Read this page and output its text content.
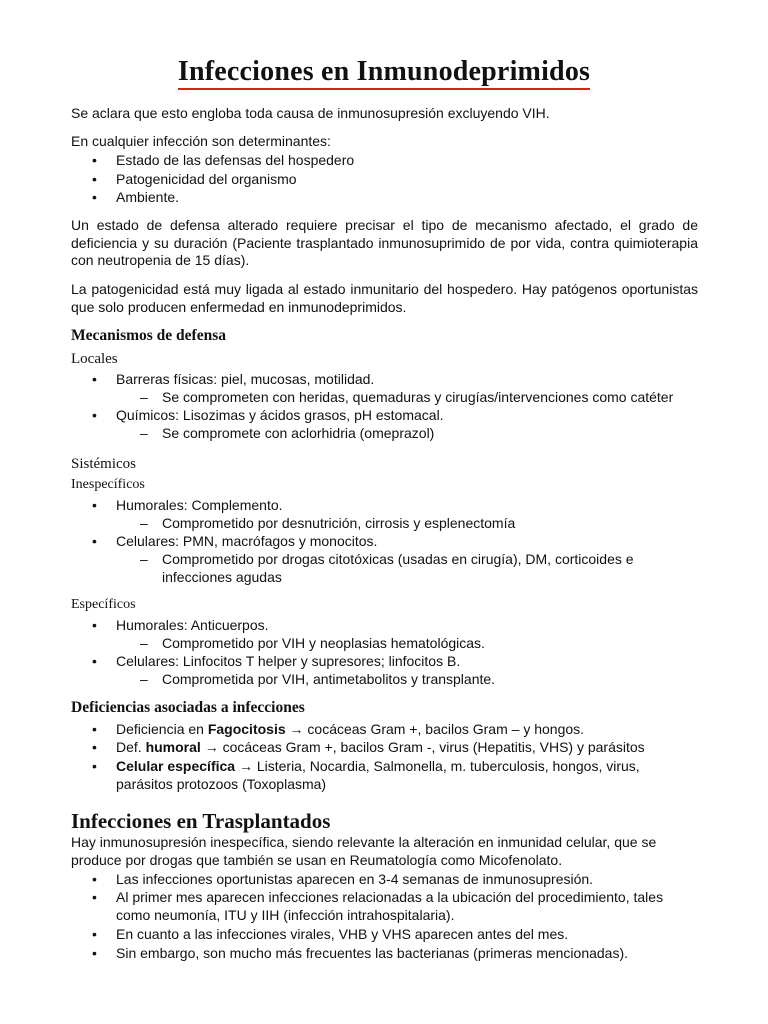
Infecciones en Inmunodeprimidos
Se aclara que esto engloba toda causa de inmunosupresión excluyendo VIH.
En cualquier infección son determinantes:
• Estado de las defensas del hospedero
• Patogenicidad del organismo
• Ambiente.
Un estado de defensa alterado requiere precisar el tipo de mecanismo afectado, el grado de deficiencia y su duración (Paciente trasplantado inmunosuprimido de por vida, contra quimioterapia con neutropenia de 15 días).
La patogenicidad está muy ligada al estado inmunitario del hospedero. Hay patógenos oportunistas que solo producen enfermedad en inmunodeprimidos.
Mecanismos de defensa
Locales
• Barreras físicas: piel, mucosas, motilidad.
– Se comprometen con heridas, quemaduras y cirugías/intervenciones como catéter
• Químicos: Lisozimas y ácidos grasos, pH estomacal.
– Se compromete con aclorhidria (omeprazol)
Sistémicos
Inespecíficos
• Humorales: Complemento.
– Comprometido por desnutrición, cirrosis y esplenectomía
• Celulares: PMN, macrófagos y monocitos.
– Comprometido por drogas citotóxicas (usadas en cirugía), DM, corticoides e infecciones agudas
Específicos
• Humorales: Anticuerpos.
– Comprometido por VIH y neoplasias hematológicas.
• Celulares: Linfocitos T helper y supresores; linfocitos B.
– Comprometida por VIH, antimetabolitos y transplante.
Deficiencias asociadas a infecciones
• Deficiencia en Fagocitosis → cocáceas Gram +, bacilos Gram – y hongos.
• Def. humoral → cocáceas Gram +, bacilos Gram -, virus (Hepatitis, VHS) y parásitos
• Celular específica → Listeria, Nocardia, Salmonella, m. tuberculosis, hongos, virus, parásitos protozoos (Toxoplasma)
Infecciones en Trasplantados
Hay inmunosupresión inespecífica, siendo relevante la alteración en inmunidad celular, que se produce por drogas que también se usan en Reumatología como Micofenolato.
• Las infecciones oportunistas aparecen en 3-4 semanas de inmunosupresión.
• Al primer mes aparecen infecciones relacionadas a la ubicación del procedimiento, tales como neumonía, ITU y IIH (infección intrahospitalaria).
• En cuanto a las infecciones virales, VHB y VHS aparecen antes del mes.
• Sin embargo, son mucho más frecuentes las bacterianas (primeras mencionadas).
